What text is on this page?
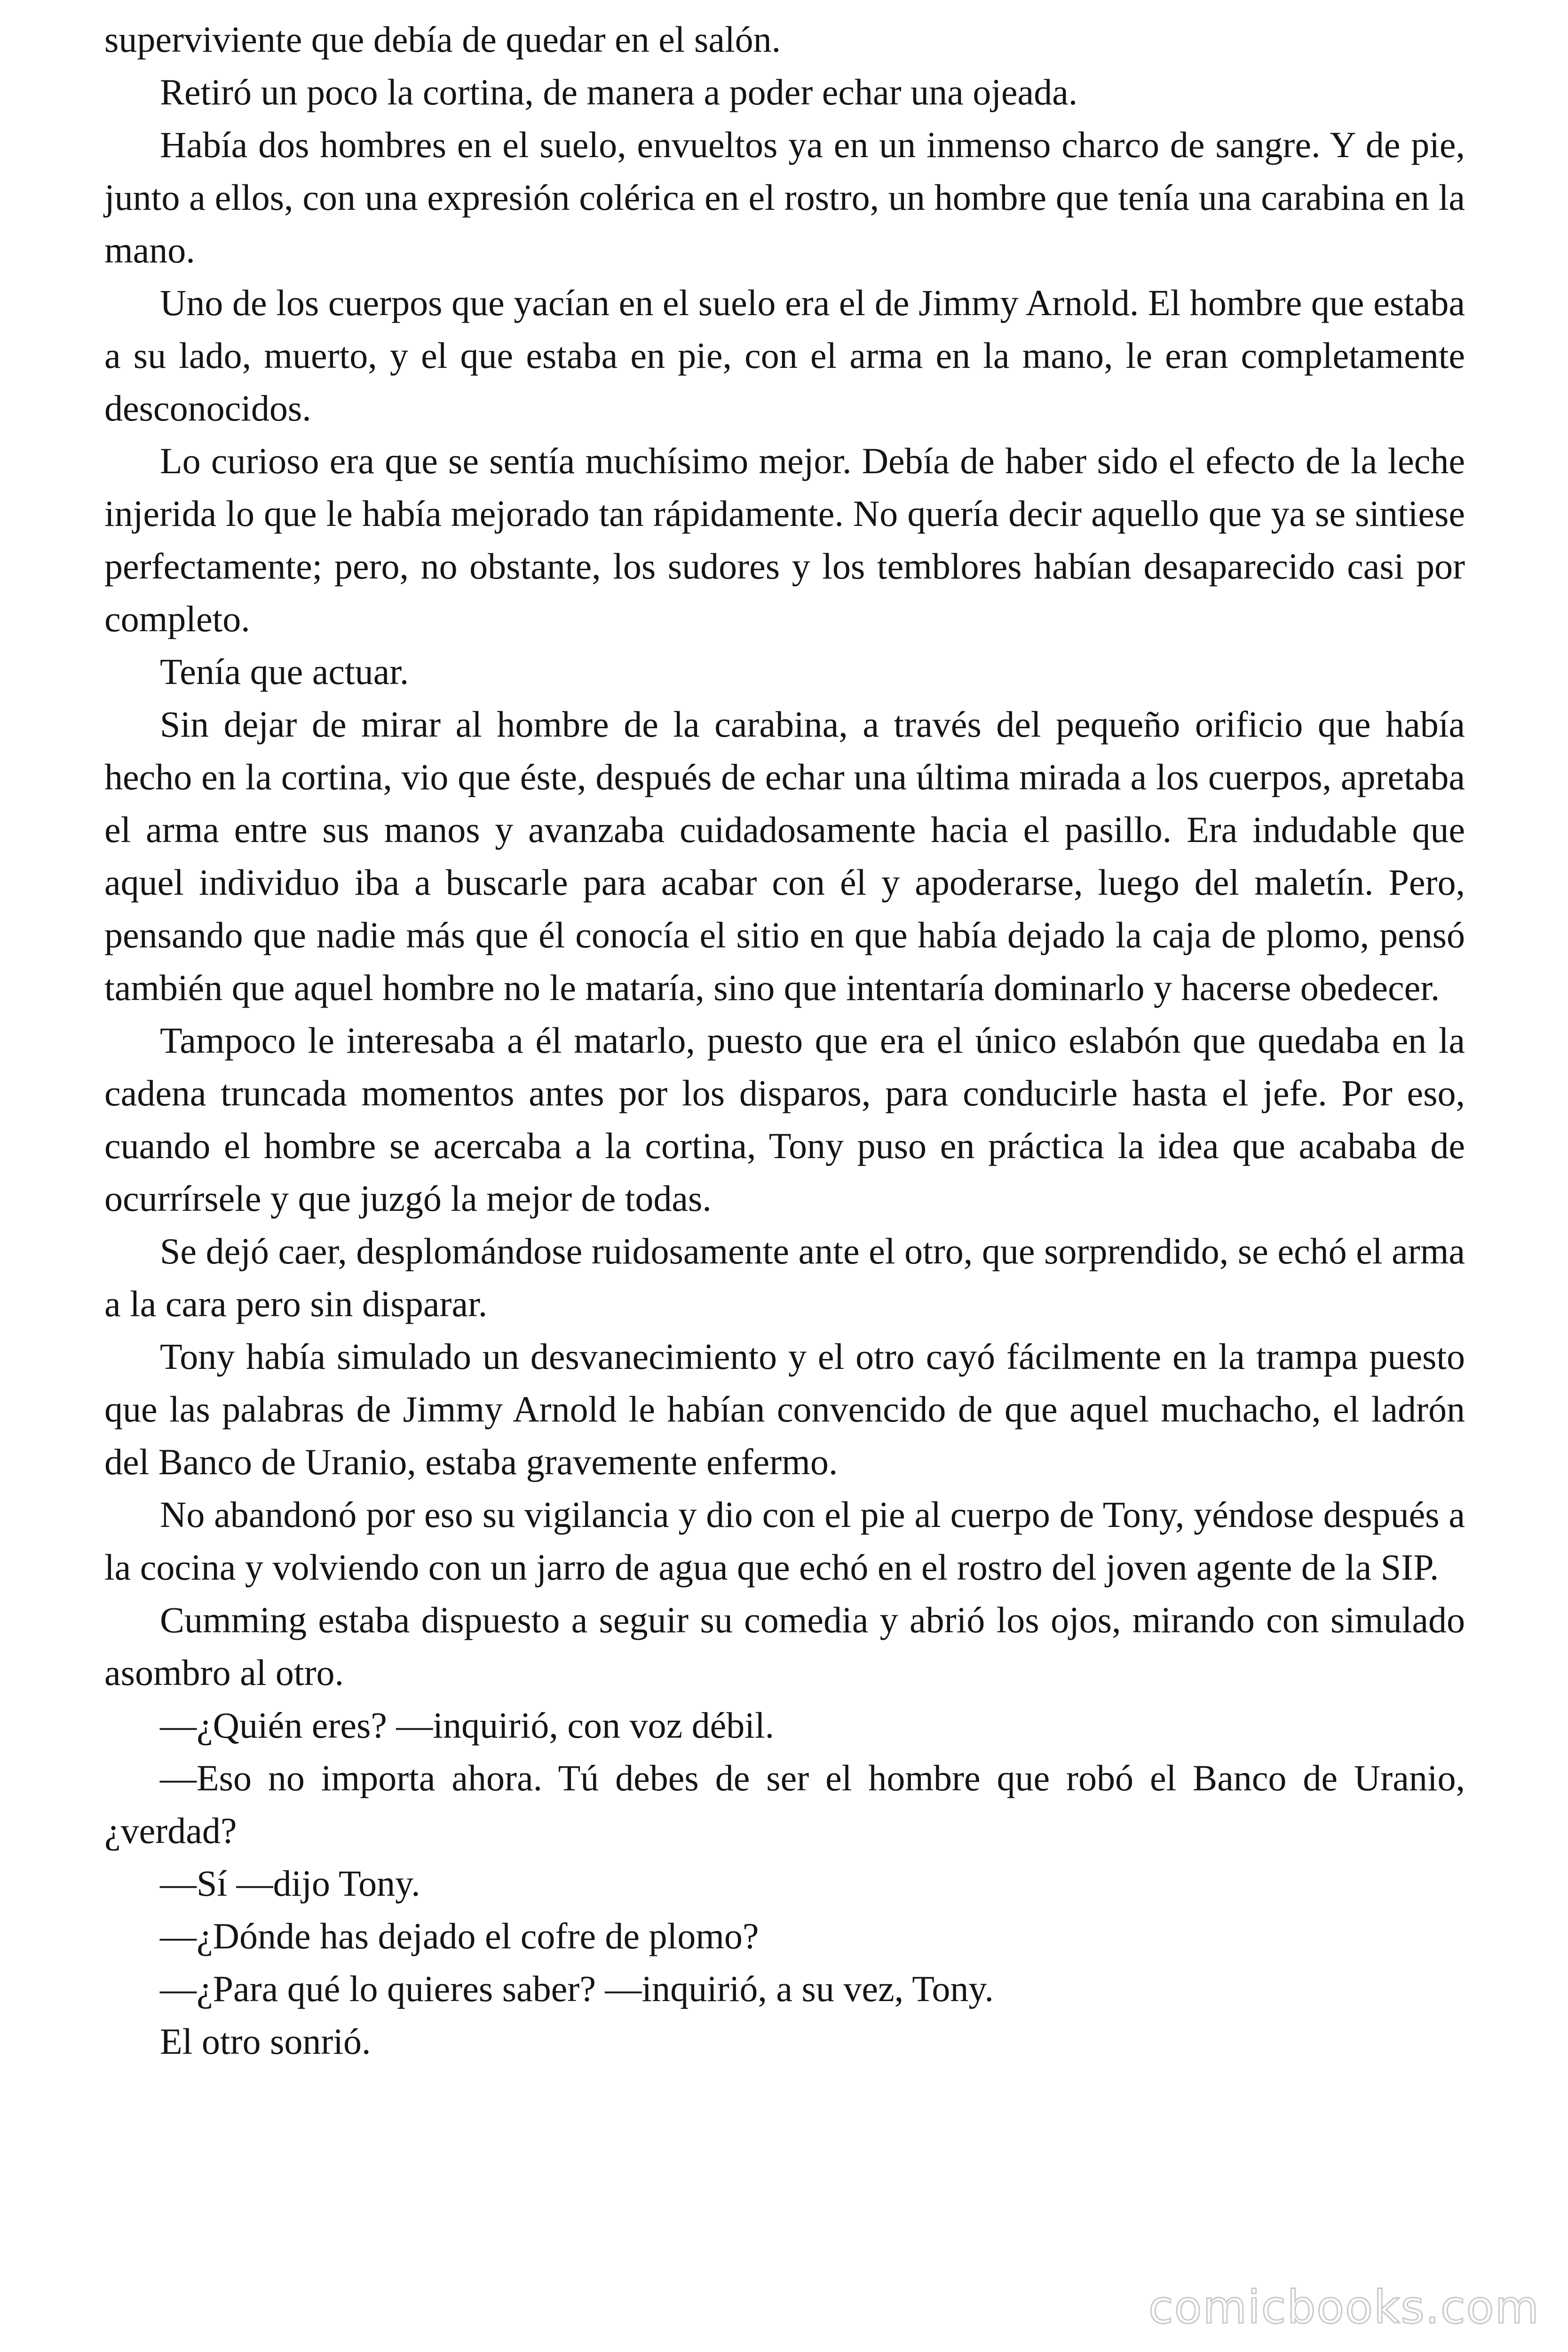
superviviente que debía de quedar en el salón.

Retiró un poco la cortina, de manera a poder echar una ojeada.

Había dos hombres en el suelo, envueltos ya en un inmenso charco de sangre. Y de pie, junto a ellos, con una expresión colérica en el rostro, un hombre que tenía una carabina en la mano.

Uno de los cuerpos que yacían en el suelo era el de Jimmy Arnold. El hombre que estaba a su lado, muerto, y el que estaba en pie, con el arma en la mano, le eran completamente desconocidos.

Lo curioso era que se sentía muchísimo mejor. Debía de haber sido el efecto de la leche injerida lo que le había mejorado tan rápidamente. No quería decir aquello que ya se sintiese perfectamente; pero, no obstante, los sudores y los temblores habían desaparecido casi por completo.

Tenía que actuar.

Sin dejar de mirar al hombre de la carabina, a través del pequeño orificio que había hecho en la cortina, vio que éste, después de echar una última mirada a los cuerpos, apretaba el arma entre sus manos y avanzaba cuidadosamente hacia el pasillo. Era indudable que aquel individuo iba a buscarle para acabar con él y apoderarse, luego del maletín. Pero, pensando que nadie más que él conocía el sitio en que había dejado la caja de plomo, pensó también que aquel hombre no le mataría, sino que intentaría dominarlo y hacerse obedecer.

Tampoco le interesaba a él matarlo, puesto que era el único eslabón que quedaba en la cadena truncada momentos antes por los disparos, para conducirle hasta el jefe. Por eso, cuando el hombre se acercaba a la cortina, Tony puso en práctica la idea que acababa de ocurrírsele y que juzgó la mejor de todas.

Se dejó caer, desplomándose ruidosamente ante el otro, que sorprendido, se echó el arma a la cara pero sin disparar.

Tony había simulado un desvanecimiento y el otro cayó fácilmente en la trampa puesto que las palabras de Jimmy Arnold le habían convencido de que aquel muchacho, el ladrón del Banco de Uranio, estaba gravemente enfermo.

No abandonó por eso su vigilancia y dio con el pie al cuerpo de Tony, yéndose después a la cocina y volviendo con un jarro de agua que echó en el rostro del joven agente de la SIP.

Cumming estaba dispuesto a seguir su comedia y abrió los ojos, mirando con simulado asombro al otro.

—¿Quién eres? —inquirió, con voz débil.

—Eso no importa ahora. Tú debes de ser el hombre que robó el Banco de Uranio, ¿verdad?

—Sí —dijo Tony.

—¿Dónde has dejado el cofre de plomo?

—¿Para qué lo quieres saber? —inquirió, a su vez, Tony.

El otro sonrió.

comicbooks.com
